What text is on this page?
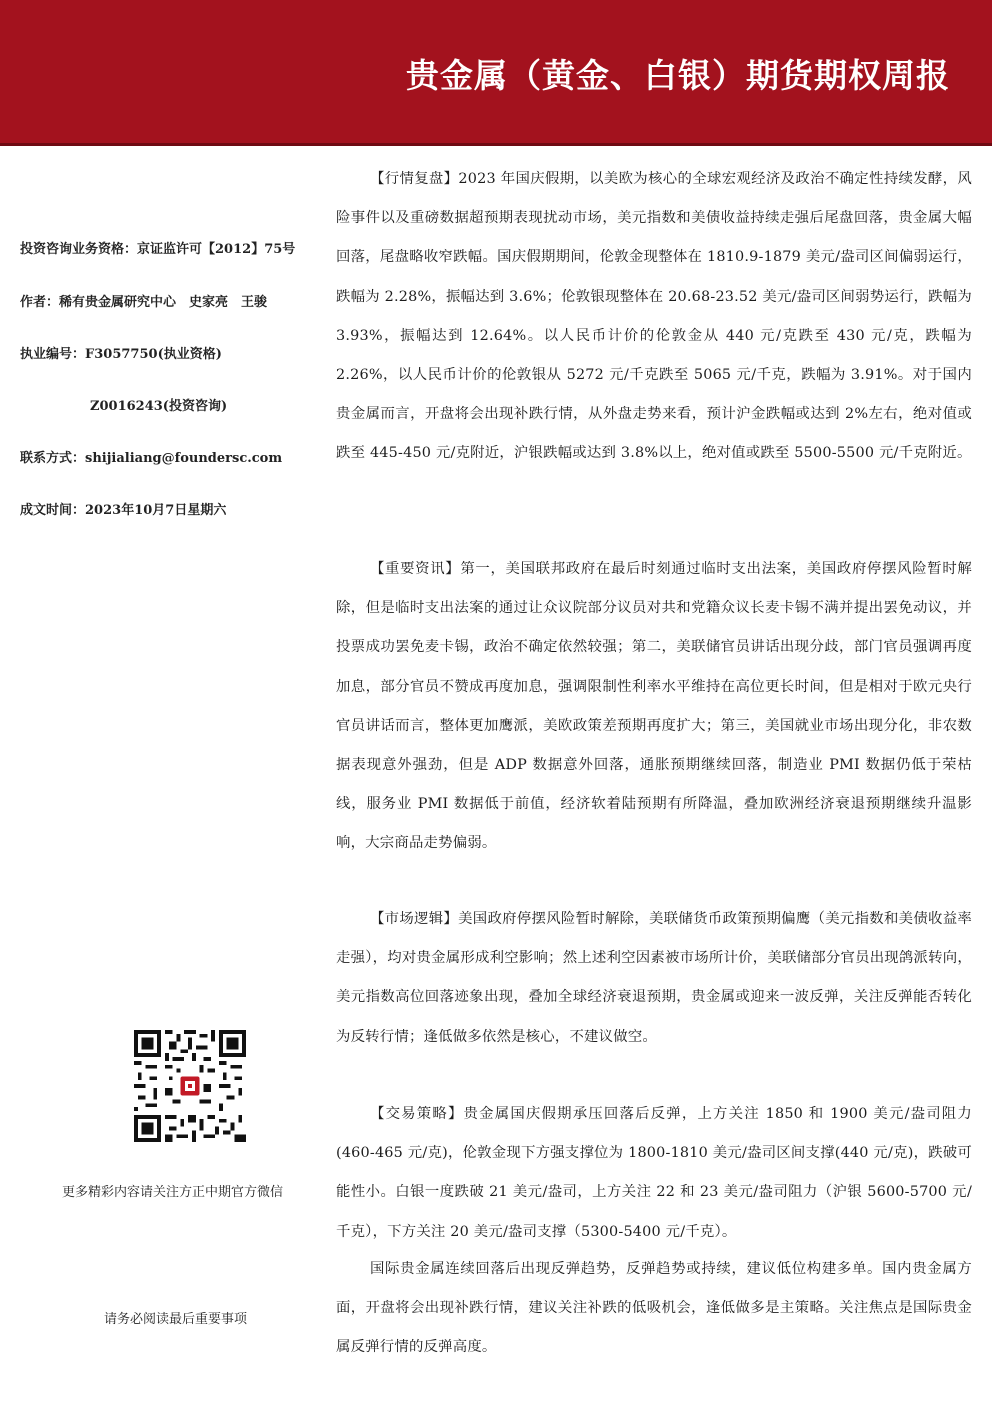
贵金属（黄金、白银）期货期权周报
投资咨询业务资格：京证监许可【2012】75号
作者：稀有贵金属研究中心　史家亮　王骏
执业编号：F3057750(执业资格)
Z0016243(投资咨询)
联系方式：shijialiang@foundersc.com
成文时间：2023年10月7日星期六
更多精彩内容请关注方正中期官方微信
请务必阅读最后重要事项

【行情复盘】2023 年国庆假期，以美欧为核心的全球宏观经济及政治不确定性持续发酵，风险事件以及重磅数据超预期表现扰动市场，美元指数和美债收益持续走强后尾盘回落，贵金属大幅回落，尾盘略收窄跌幅。国庆假期期间，伦敦金现整体在 1810.9-1879 美元/盎司区间偏弱运行，跌幅为 2.28%，振幅达到 3.6%；伦敦银现整体在 20.68-23.52 美元/盎司区间弱势运行，跌幅为 3.93%，振幅达到 12.64%。以人民币计价的伦敦金从 440 元/克跌至 430 元/克，跌幅为 2.26%，以人民币计价的伦敦银从 5272 元/千克跌至 5065 元/千克，跌幅为 3.91%。对于国内贵金属而言，开盘将会出现补跌行情，从外盘走势来看，预计沪金跌幅或达到 2%左右，绝对值或跌至 445-450 元/克附近，沪银跌幅或达到 3.8%以上，绝对值或跌至 5500-5500 元/千克附近。

【重要资讯】第一，美国联邦政府在最后时刻通过临时支出法案，美国政府停摆风险暂时解除，但是临时支出法案的通过让众议院部分议员对共和党籍众议长麦卡锡不满并提出罢免动议，并投票成功罢免麦卡锡，政治不确定依然较强；第二，美联储官员讲话出现分歧，部门官员强调再度加息，部分官员不赞成再度加息，强调限制性利率水平维持在高位更长时间，但是相对于欧元央行官员讲话而言，整体更加鹰派，美欧政策差预期再度扩大；第三，美国就业市场出现分化，非农数据表现意外强劲，但是 ADP 数据意外回落，通胀预期继续回落，制造业 PMI 数据仍低于荣枯线，服务业 PMI 数据低于前值，经济软着陆预期有所降温，叠加欧洲经济衰退预期继续升温影响，大宗商品走势偏弱。

【市场逻辑】美国政府停摆风险暂时解除，美联储货币政策预期偏鹰（美元指数和美债收益率走强），均对贵金属形成利空影响；然上述利空因素被市场所计价，美联储部分官员出现鸽派转向，美元指数高位回落迹象出现，叠加全球经济衰退预期，贵金属或迎来一波反弹，关注反弹能否转化为反转行情；逢低做多依然是核心，不建议做空。

【交易策略】贵金属国庆假期承压回落后反弹，上方关注 1850 和 1900 美元/盎司阻力(460-465 元/克)，伦敦金现下方强支撑位为 1800-1810 美元/盎司区间支撑(440 元/克)，跌破可能性小。白银一度跌破 21 美元/盎司，上方关注 22 和 23 美元/盎司阻力（沪银 5600-5700 元/千克），下方关注 20 美元/盎司支撑（5300-5400 元/千克）。

国际贵金属连续回落后出现反弹趋势，反弹趋势或持续，建议低位构建多单。国内贵金属方面，开盘将会出现补跌行情，建议关注补跌的低吸机会，逢低做多是主策略。关注焦点是国际贵金属反弹行情的反弹高度。
